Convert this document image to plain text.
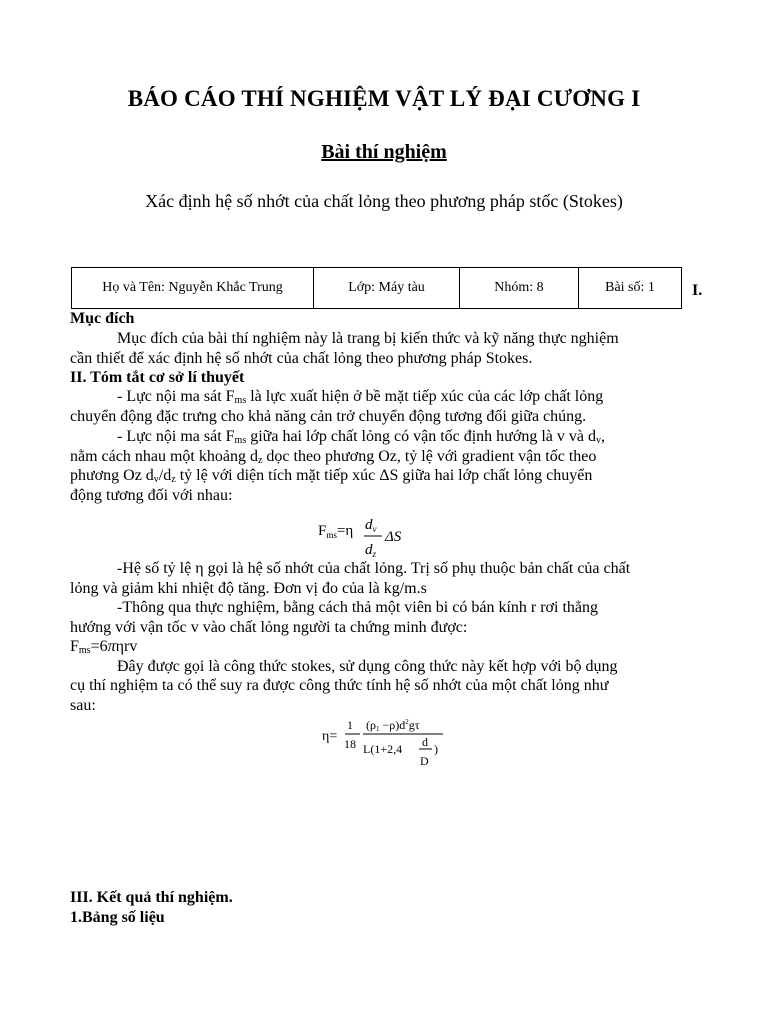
BÁO CÁO THÍ NGHIỆM VẬT LÝ ĐẠI CƯƠNG I
Bài thí nghiệm
Xác định hệ số nhớt của chất lỏng theo phương pháp stốc (Stokes)
Họ và Tên: Nguyễn Khắc Trung	Lớp: Máy tàu	Nhóm: 8	Bài số: 1 I.
Mục đích
Mục đích của bài thí nghiệm này là trang bị kiến thức và kỹ năng thực nghiệm
cần thiết để xác định hệ số nhớt của chất lỏng theo phương pháp Stokes.
II. Tóm tắt cơ sở lí thuyết
- Lực nội ma sát $F_{ms}$ là lực xuất hiện ở bề mặt tiếp xúc của các lớp chất lỏng
chuyển động đặc trưng cho khả năng cản trở chuyển động tương đối giữa chúng.
- Lực nội ma sát $F_{ms}$ giữa hai lớp chất lỏng có vận tốc định hướng là v và $d_v$,
nằm cách nhau một khoảng $d_z$ dọc theo phương Oz, tỷ lệ với gradient vận tốc theo
phương Oz $d_v/d_z$ tỷ lệ với diện tích mặt tiếp xúc ΔS giữa hai lớp chất lỏng chuyển
động tương đối với nhau:
$F_{ms}=\eta$ $d_v$
$d_z$
ΔS
-Hệ số tỷ lệ η gọi là hệ số nhớt của chất lỏng. Trị số phụ thuộc bản chất của chất
lỏng và giảm khi nhiệt độ tăng. Đơn vị đo của là kg/m.s
-Thông qua thực nghiệm, bằng cách thả một viên bi có bán kính r rơi thẳng
hướng với vận tốc v vào chất lỏng người ta chứng minh được:
$F_{ms}=6\pi\eta rv$
Đây được gọi là công thức stokes, sử dụng công thức này kết hợp với bộ dụng
cụ thí nghiệm ta có thể suy ra được công thức tính hệ số nhớt của một chất lỏng như
sau:
η=
1
18
$(\rho 1 -\rho)d^2g\tau$
L(1+2,4 d
D
)
III. Kết quả thí nghiệm.
1.Bảng số liệu
